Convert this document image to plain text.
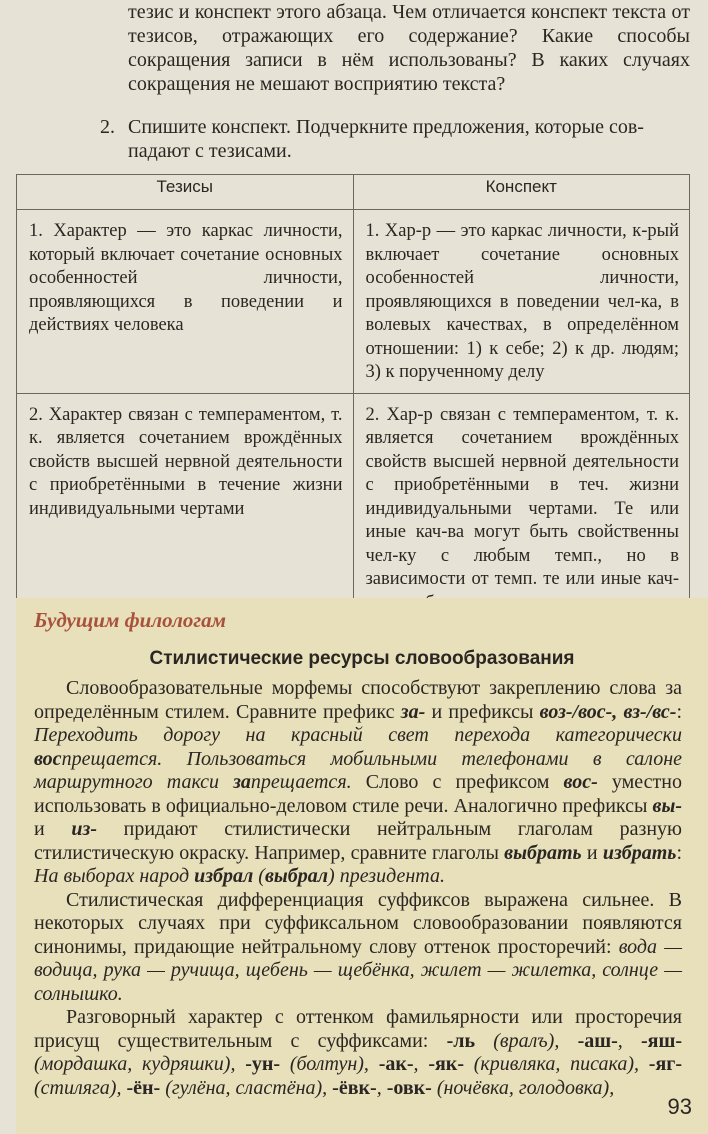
тезис и конспект этого абзаца. Чем отличается конспект текста от тезисов, отражающих его содержание? Какие способы сокращения записи в нём использованы? В каких случаях сокращения не мешают восприятию текста?
2. Спишите конспект. Подчеркните предложения, которые сов-
падают с тезисами.
Тезисы	Конспект
1. Характер — это каркас личности, который включает сочетание основных особенностей личности, проявляющихся в поведении и действиях человека	1. Хар-р — это каркас личности, к-рый включает сочетание основных особенностей личности, проявляющихся в поведении чел-ка, в волевых качествах, в определённом отношении: 1) к себе; 2) к др. людям; 3) к порученному делу
2. Характер связан с темпераментом, т. к. является сочетанием врождённых свойств высшей нервной деятельности с приобретёнными в течение жизни индивидуальными чертами	2. Хар-р связан с темпераментом, т. к. является сочетанием врождённых свойств высшей нервной деятельности с приобретёнными в теч. жизни индивидуальными чертами. Те или иные кач-ва могут быть свойственны чел-ку с любым темп., но в зависимости от темп. те или иные кач-
Будущим филологам
Стилистические ресурсы словообразования

Словообразовательные морфемы способствуют закреплению слова за определённым стилем. Сравните префикс за- и префиксы воз-/вос-, вз-/вс-: Переходить дорогу на красный свет перехода категорически воспрещается. Пользоваться мобильными телефонами в салоне маршрутного такси запрещается. Слово с префиксом вос- уместно использовать в официально-деловом стиле речи. Аналогично префиксы вы- и из- придают стилистически нейтральным глаголам разную стилистическую окраску. Например, сравните глаголы выбрать и избрать: На выборах народ избрал (выбрал) президента.

Стилистическая дифференциация суффиксов выражена сильнее. В некоторых случаях при суффиксальном словообразовании появляются синонимы, придающие нейтральному слову оттенок просторечий: вода — водица, рука — ручища, щебень — щебёнка, жилет — жилетка, солнце — солнышко.

Разговорный характер с оттенком фамильярности или просторечия присущ существительным с суффиксами: -ль (вралъ), -аш-, -яш- (мордашка, кудряшки), -ун- (болтун), -ак-, -як- (кривляка, писака), -яг- (стиляга), -ён- (гулёна, сластёна), -ёвк-, -овк- (ночёвка, голодовка),

93
